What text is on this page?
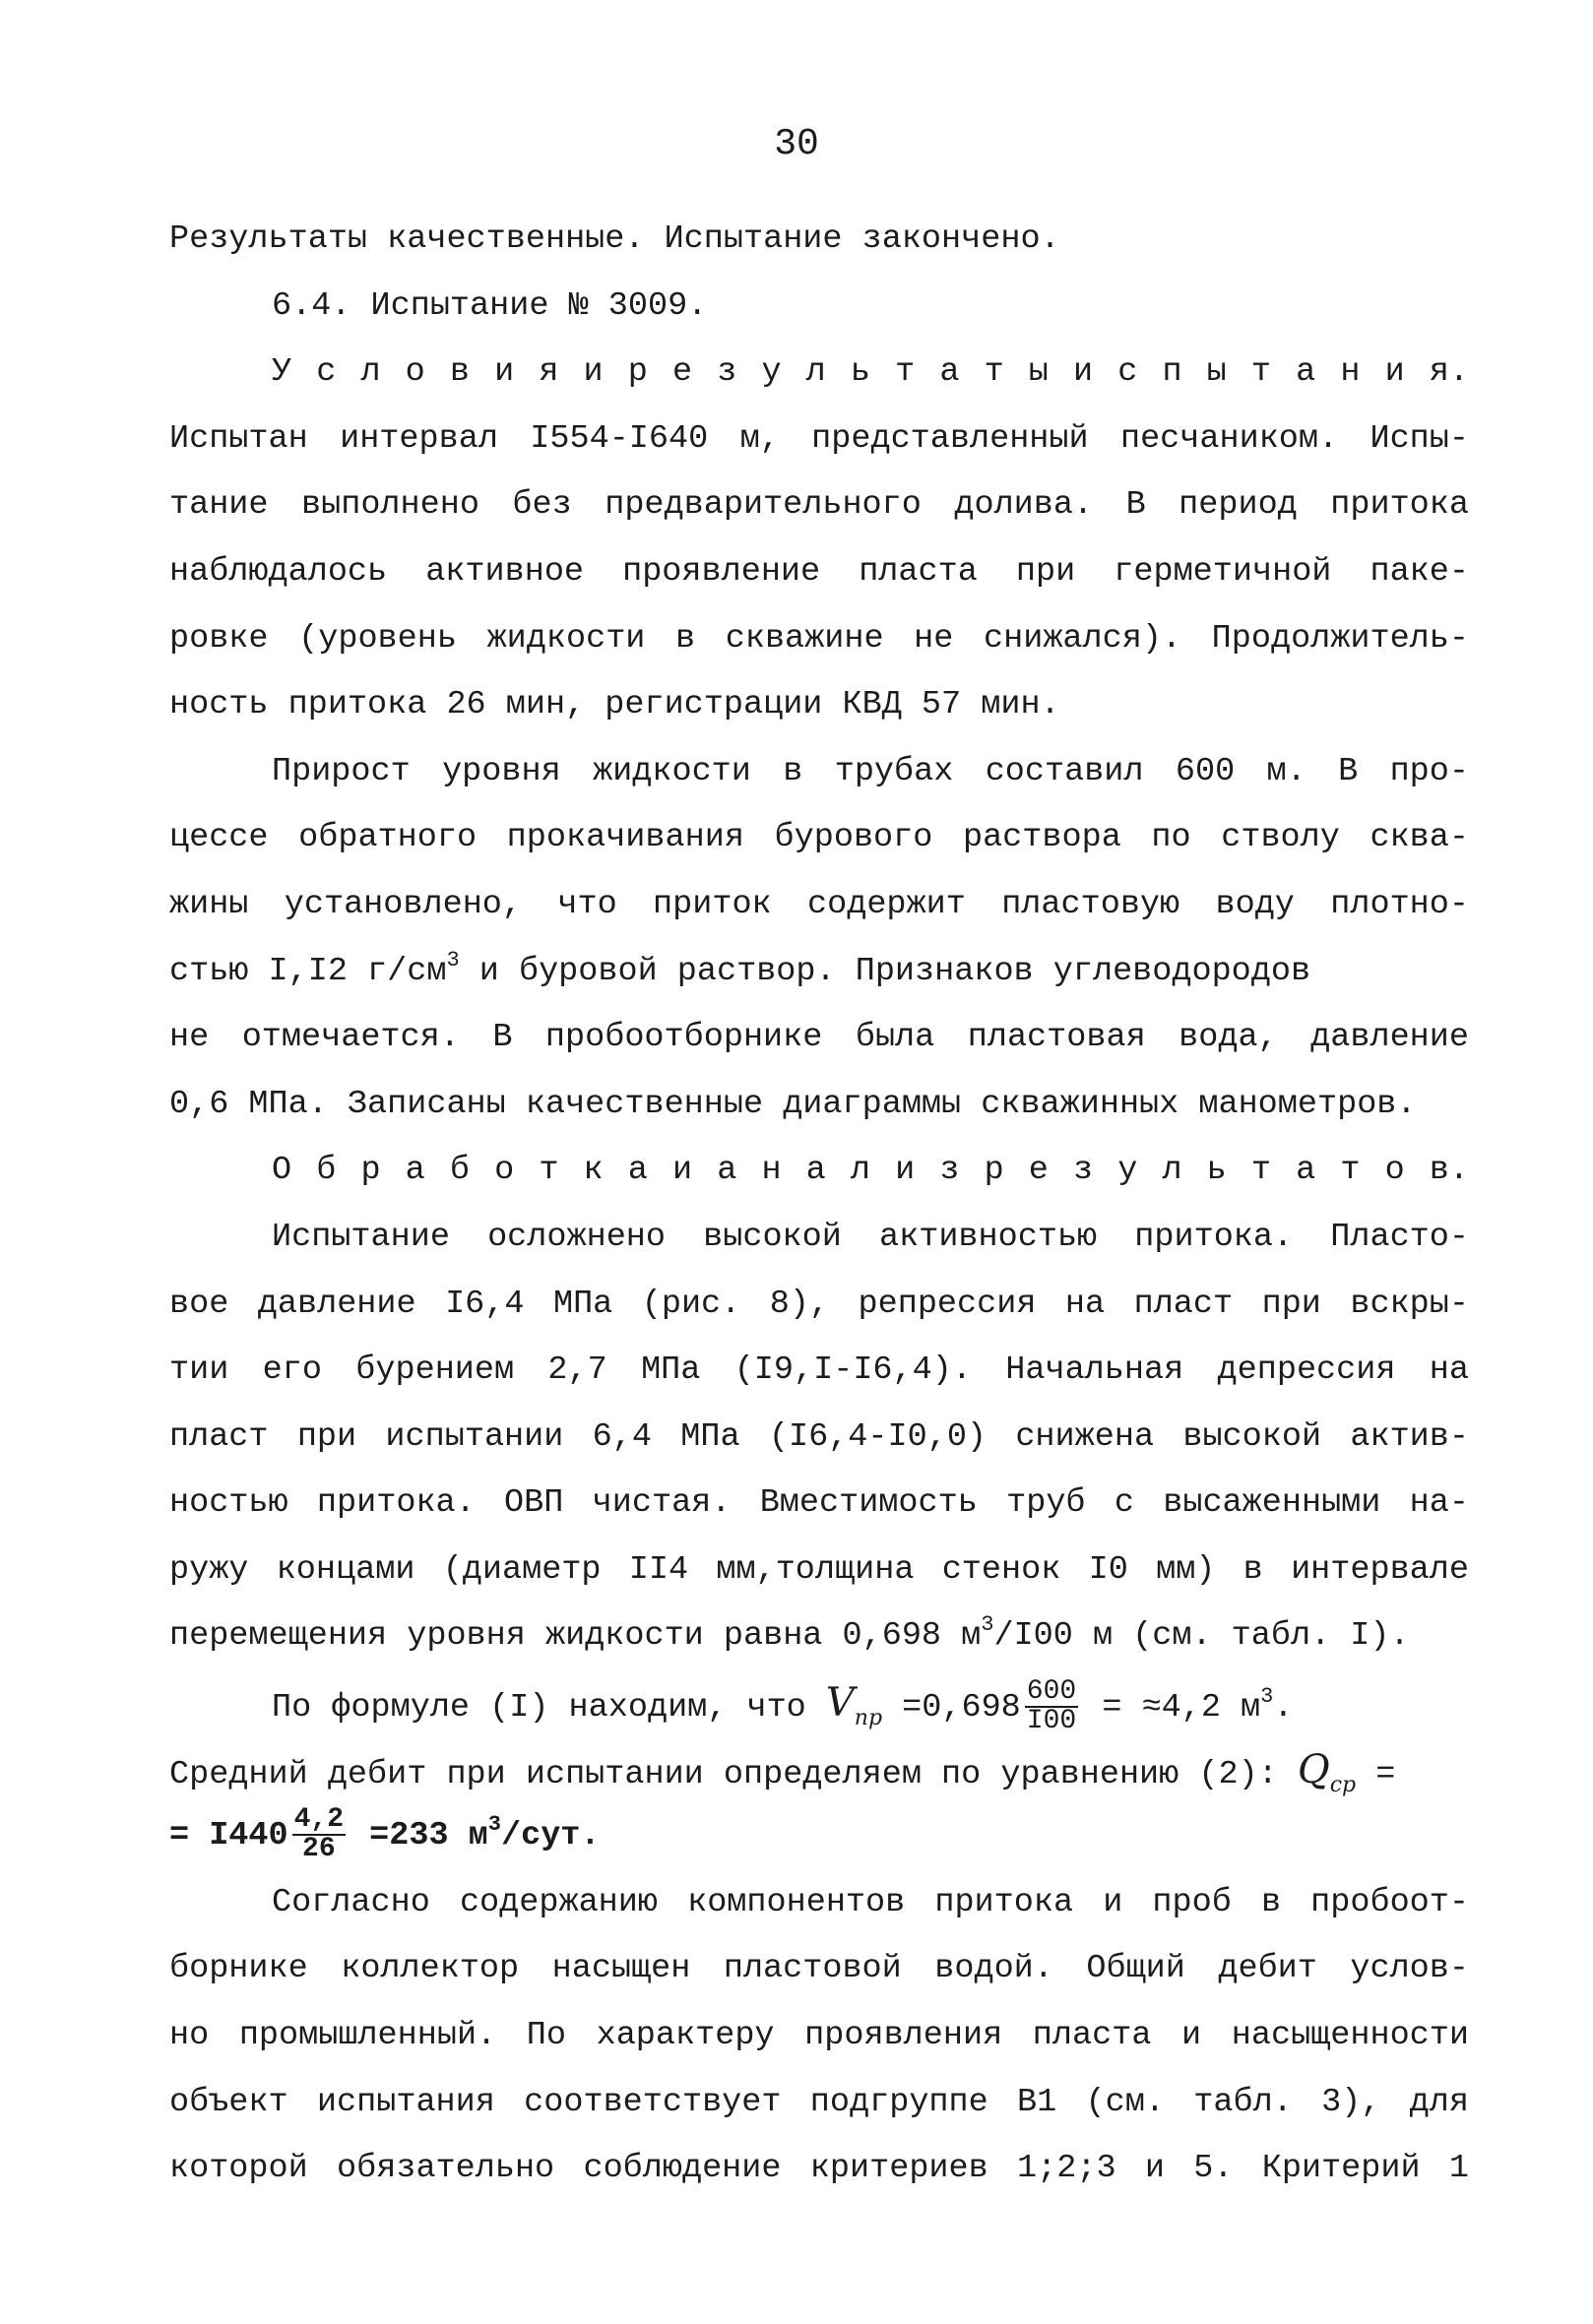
30
Результаты качественные. Испытание закончено.
6.4. Испытание № 3009.
У с л о в и я и р е з у л ь т а т ы и с п ы т а н и я.
Испытан интервал I554-I640 м, представленный песчаником. Испы-
тание выполнено без предварительного долива. В период притока
наблюдалось активное проявление пласта при герметичной паке-
ровке (уровень жидкости в скважине не снижался). Продолжитель-
ность притока 26 мин, регистрации КВД 57 мин.
Прирост уровня жидкости в трубах составил 600 м. В про-
цессе обратного прокачивания бурового раствора по стволу сква-
жины установлено, что приток содержит пластовую воду плотно-
стью I,I2 $г/см^3$ и буровой раствор. Признаков углеводородов
не отмечается. В пробоотборнике была пластовая вода, давление
0,6 МПа. Записаны качественные диаграммы скважинных манометров.
О б р а б о т к а и а н а л и з р е з у л ь т а т о в.
Испытание осложнено высокой активностью притока. Пласто-
вое давление I6,4 МПа (рис. 8), репрессия на пласт при вскры-
тии его бурением 2,7 МПа (I9,I-I6,4). Начальная депрессия на
пласт при испытании 6,4 МПа (I6,4-I0,0) снижена высокой актив-
ностью притока. ОВП чистая. Вместимость труб с высаженными на-
ружу концами (диаметр II4 мм,толщина стенок I0 мм) в интервале
перемещения уровня жидкости равна 0,698 $м^3/I00$ м (см. табл. I).
По формуле (I) находим, что $V_{пр} =0,698 \frac{600}{I00} = \approx 4,2$ $м^3$.
Средний дебит при испытании определяем по уравнению (2): $Q_{ср}$ =
= $I440 \frac{4,2}{26} =233$ $м^3$/сут.
Согласно содержанию компонентов притока и проб в пробоот-
борнике коллектор насыщен пластовой водой. Общий дебит услов-
но промышленный. По характеру проявления пласта и насыщенности
объект испытания соответствует подгруппе В1 (см. табл. 3), для
которой обязательно соблюдение критериев 1;2;3 и 5. Критерий 1
